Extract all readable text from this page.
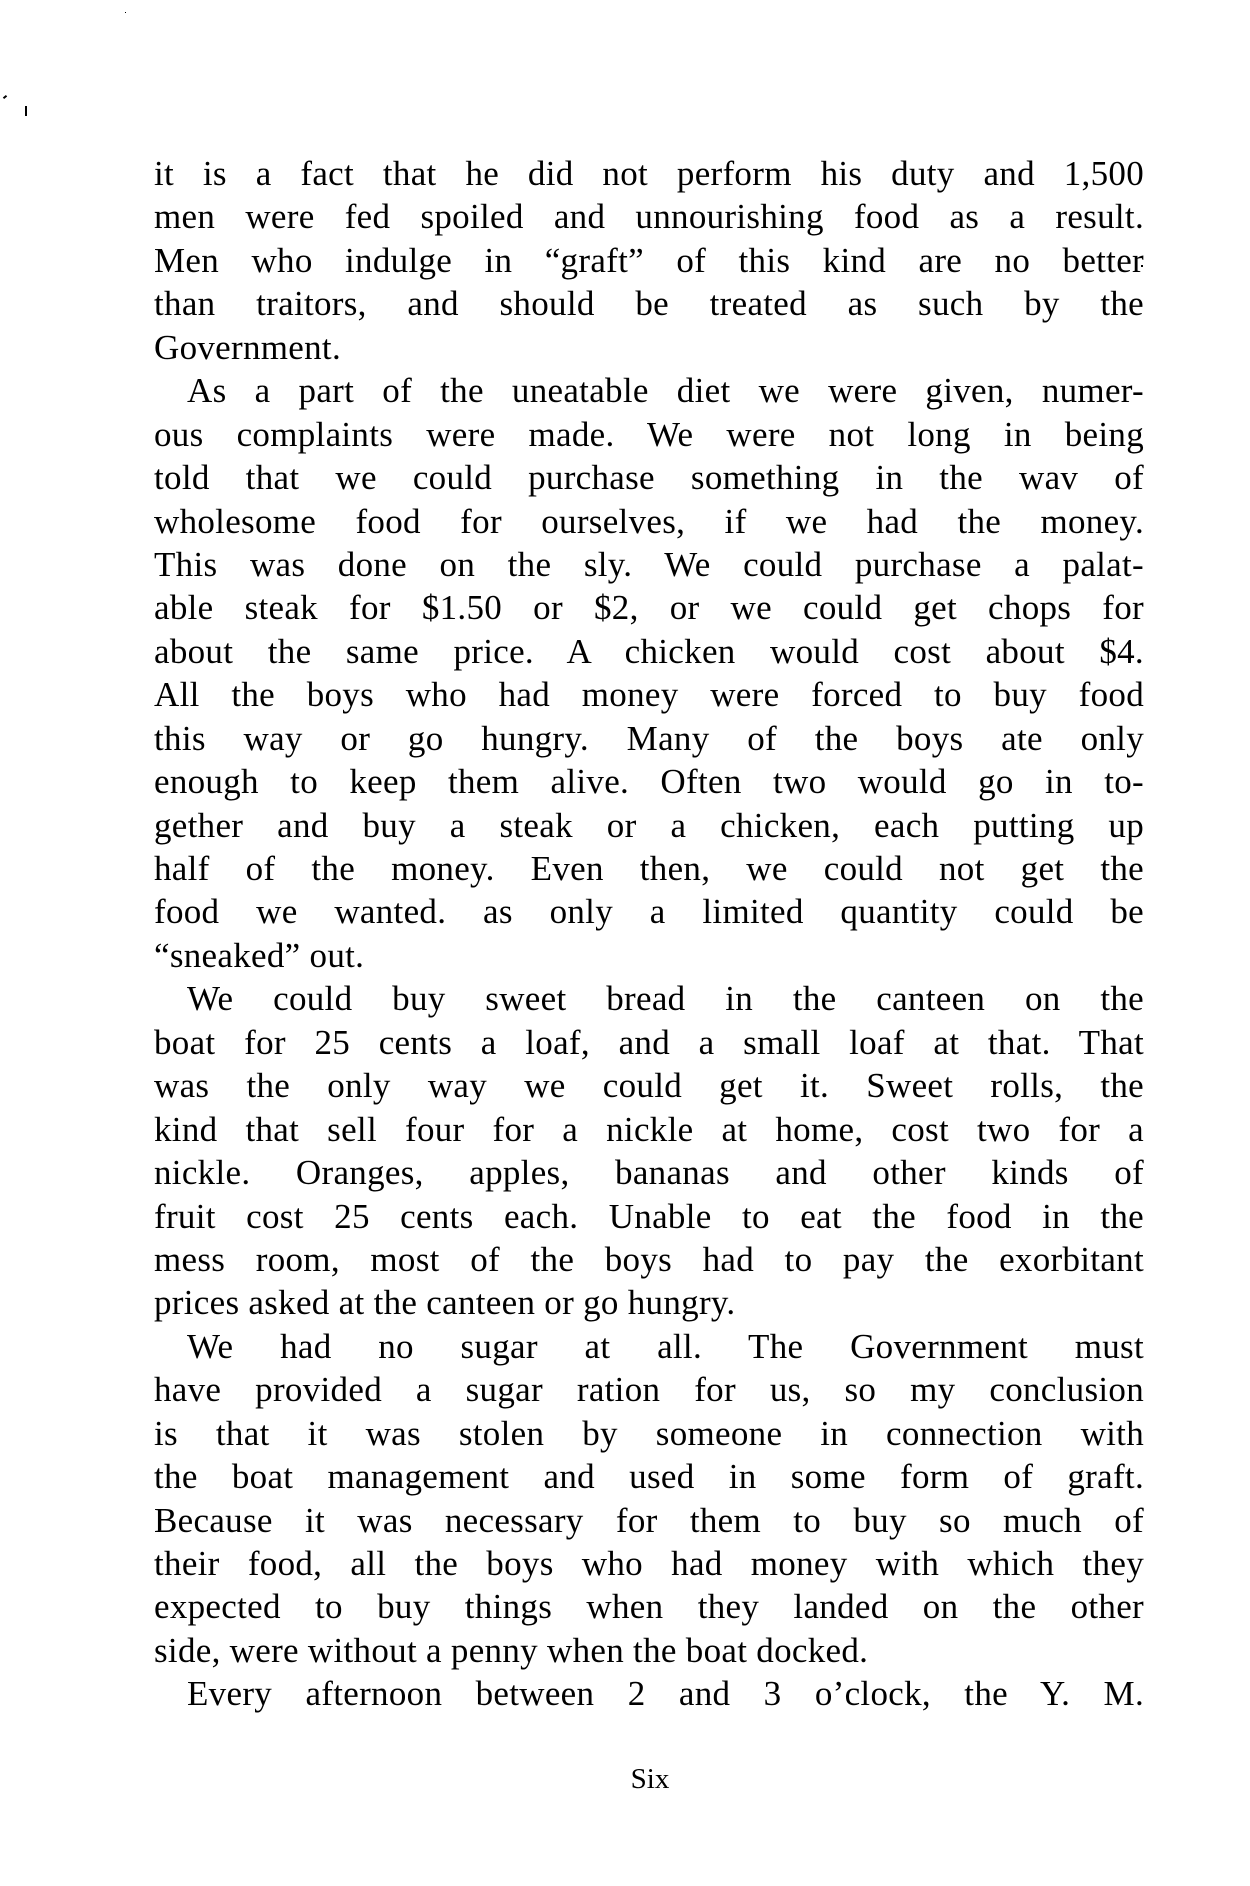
it is a fact that he did not perform his duty and 1,500
men were fed spoiled and unnourishing food as a result.
Men who indulge in “graft” of this kind are no better
than traitors, and should be treated as such by the
Government.
As a part of the uneatable diet we were given, numer-
ous complaints were made. We were not long in being
told that we could purchase something in the wav of
wholesome food for ourselves, if we had the money.
This was done on the sly. We could purchase a palat-
able steak for $1.50 or $2, or we could get chops for
about the same price. A chicken would cost about $4.
All the boys who had money were forced to buy food
this way or go hungry. Many of the boys ate only
enough to keep them alive. Often two would go in to-
gether and buy a steak or a chicken, each putting up
half of the money. Even then, we could not get the
food we wanted. as only a limited quantity could be
“sneaked” out.
We could buy sweet bread in the canteen on the
boat for 25 cents a loaf, and a small loaf at that. That
was the only way we could get it. Sweet rolls, the
kind that sell four for a nickle at home, cost two for a
nickle. Oranges, apples, bananas and other kinds of
fruit cost 25 cents each. Unable to eat the food in the
mess room, most of the boys had to pay the exorbitant
prices asked at the canteen or go hungry.
We had no sugar at all. The Government must
have provided a sugar ration for us, so my conclusion
is that it was stolen by someone in connection with
the boat management and used in some form of graft.
Because it was necessary for them to buy so much of
their food, all the boys who had money with which they
expected to buy things when they landed on the other
side, were without a penny when the boat docked.
Every afternoon between 2 and 3 o’clock, the Y. M.
Six
